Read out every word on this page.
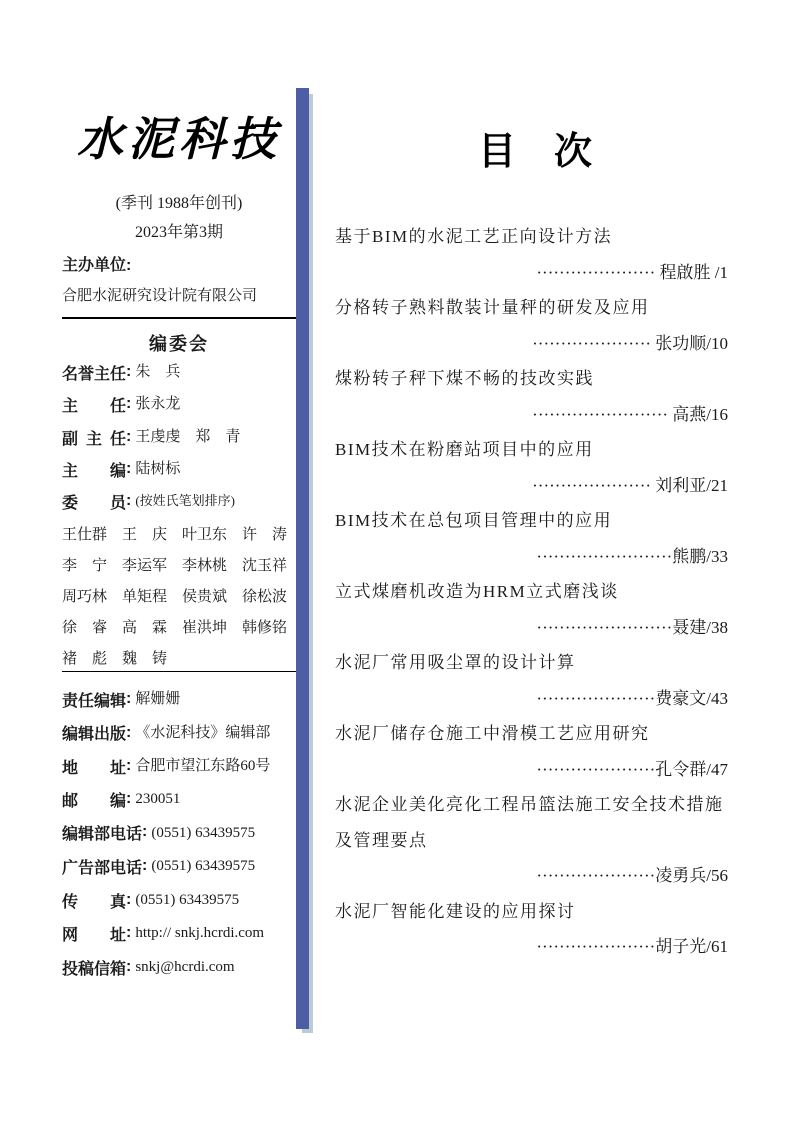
水泥科技
(季刊 1988年创刊)
2023年第3期
主办单位:
合肥水泥研究设计院有限公司
编委会
名誉主任: 朱　兵
主任: 张永龙
副主任: 王虔虔　郑　青
主编: 陆树标
委员: (按姓氏笔划排序)
王仕群 王　庆 叶卫东 许　涛
李　宁 李运军 李林桃 沈玉祥
周巧林 单矩程 侯贵斌 徐松波
徐　睿 高　霖 崔洪坤 韩修铭
褚　彪 魏　铸
责任编辑: 解姗姗
编辑出版: 《水泥科技》编辑部
地址: 合肥市望江东路60号
邮编: 230051
编辑部电话: (0551) 63439575
广告部电话: (0551) 63439575
传真: (0551) 63439575
网址: http:// snkj.hcrdi.com
投稿信箱: snkj@hcrdi.com
目　次
基于BIM的水泥工艺正向设计方法
····················· 程啟胜 /1
分格转子熟料散装计量秤的研发及应用
····················· 张功顺/10
煤粉转子秤下煤不畅的技改实践
························ 高燕/16
BIM技术在粉磨站项目中的应用
····················· 刘利亚/21
BIM技术在总包项目管理中的应用
························熊鹏/33
立式煤磨机改造为HRM立式磨浅谈
························聂建/38
水泥厂常用吸尘罩的设计计算
·····················费豪文/43
水泥厂储存仓施工中滑模工艺应用研究
·····················孔令群/47
水泥企业美化亮化工程吊篮法施工安全技术措施
及管理要点
·····················凌勇兵/56
水泥厂智能化建设的应用探讨
·····················胡子光/61
